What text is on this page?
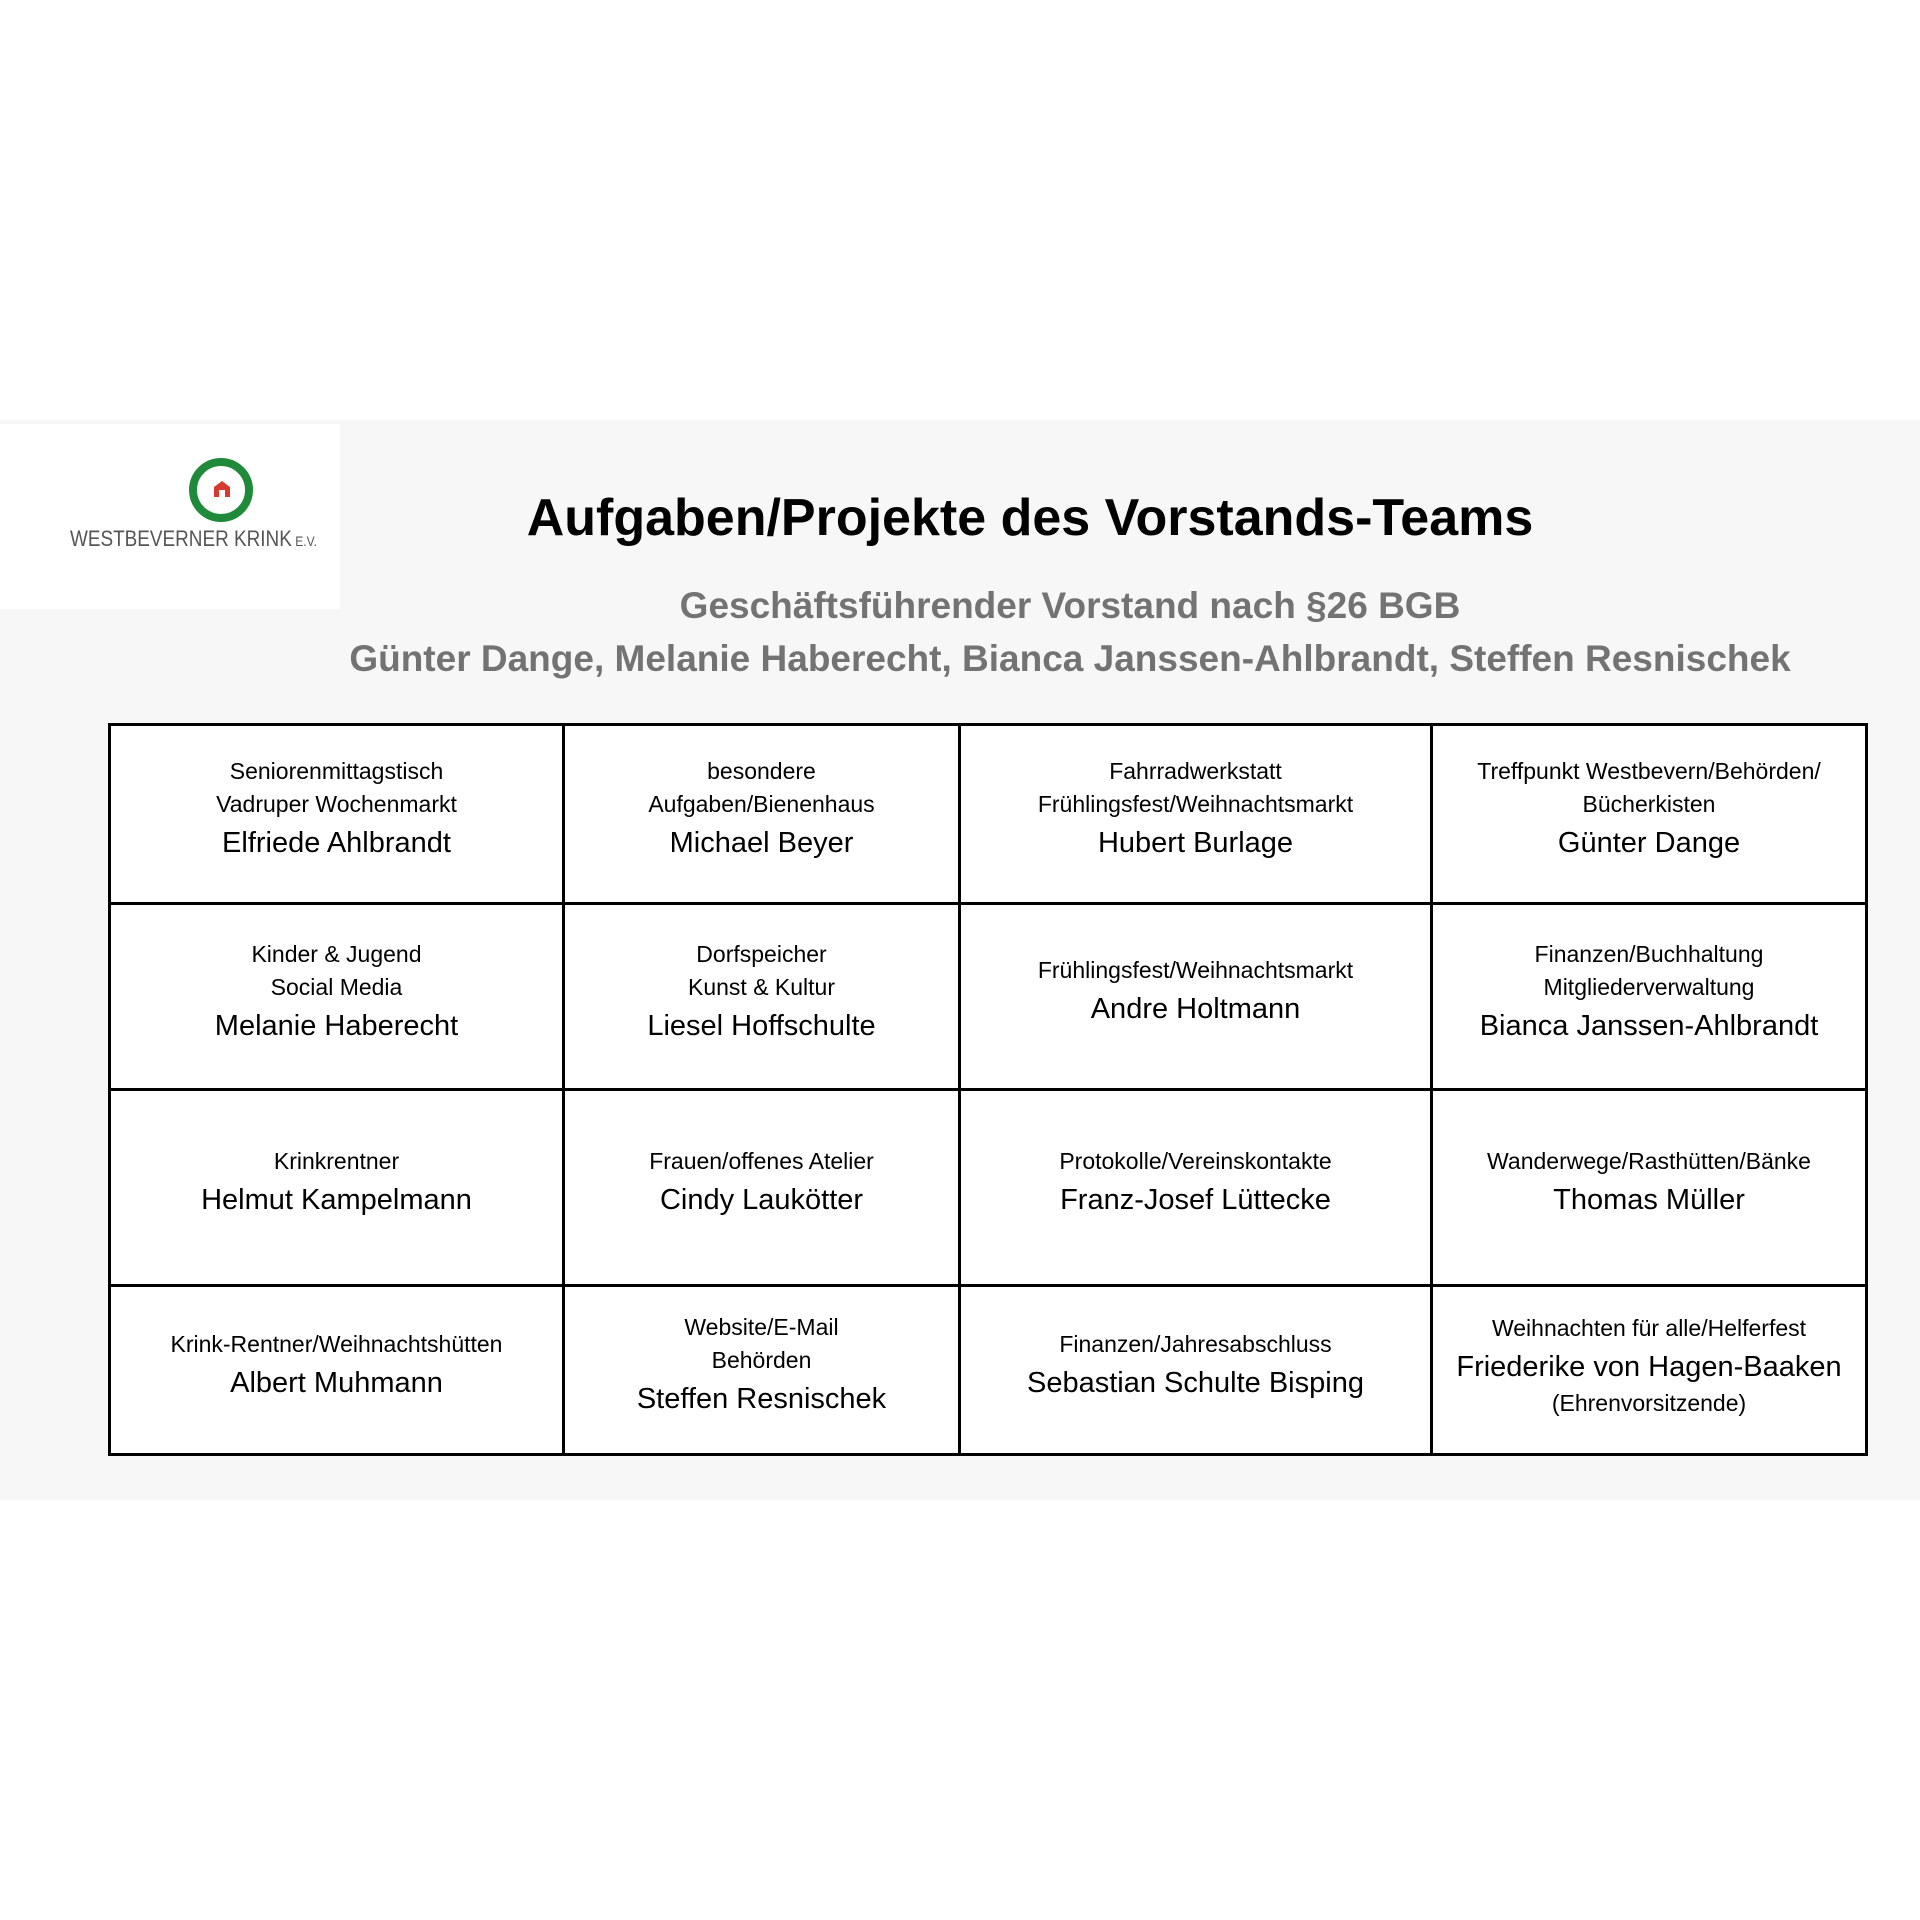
WESTBEVERNER KRINK E.V.	Aufgaben/Projekte des Vorstands-Teams
Geschäftsführender Vorstand nach §26 BGB
Günter Dange, Melanie Haberecht, Bianca Janssen-Ahlbrandt, Steffen Resnischek
Seniorenmittagstisch
Vadruper Wochenmarkt
Elfriede Ahlbrandt
besondere
Aufgaben/Bienenhaus
Michael Beyer
Fahrradwerkstatt
Frühlingsfest/Weihnachtsmarkt
Hubert Burlage
Treffpunkt Westbevern/Behörden/
Bücherkisten
Günter Dange
Kinder & Jugend
Social Media
Melanie Haberecht
Dorfspeicher
Kunst & Kultur
Liesel Hoffschulte
Frühlingsfest/Weihnachtsmarkt
Andre Holtmann
Finanzen/Buchhaltung
Mitgliederverwaltung
Bianca Janssen-Ahlbrandt
Krinkrentner
Helmut Kampelmann
Frauen/offenes Atelier
Cindy Laukötter
Protokolle/Vereinskontakte
Franz-Josef Lüttecke
Wanderwege/Rasthütten/Bänke
Thomas Müller
Krink-Rentner/Weihnachtshütten
Albert Muhmann
Website/E-Mail
Behörden
Steffen Resnischek
Finanzen/Jahresabschluss
Sebastian Schulte Bisping
Weihnachten für alle/Helferfest
Friederike von Hagen-Baaken
(Ehrenvorsitzende)
